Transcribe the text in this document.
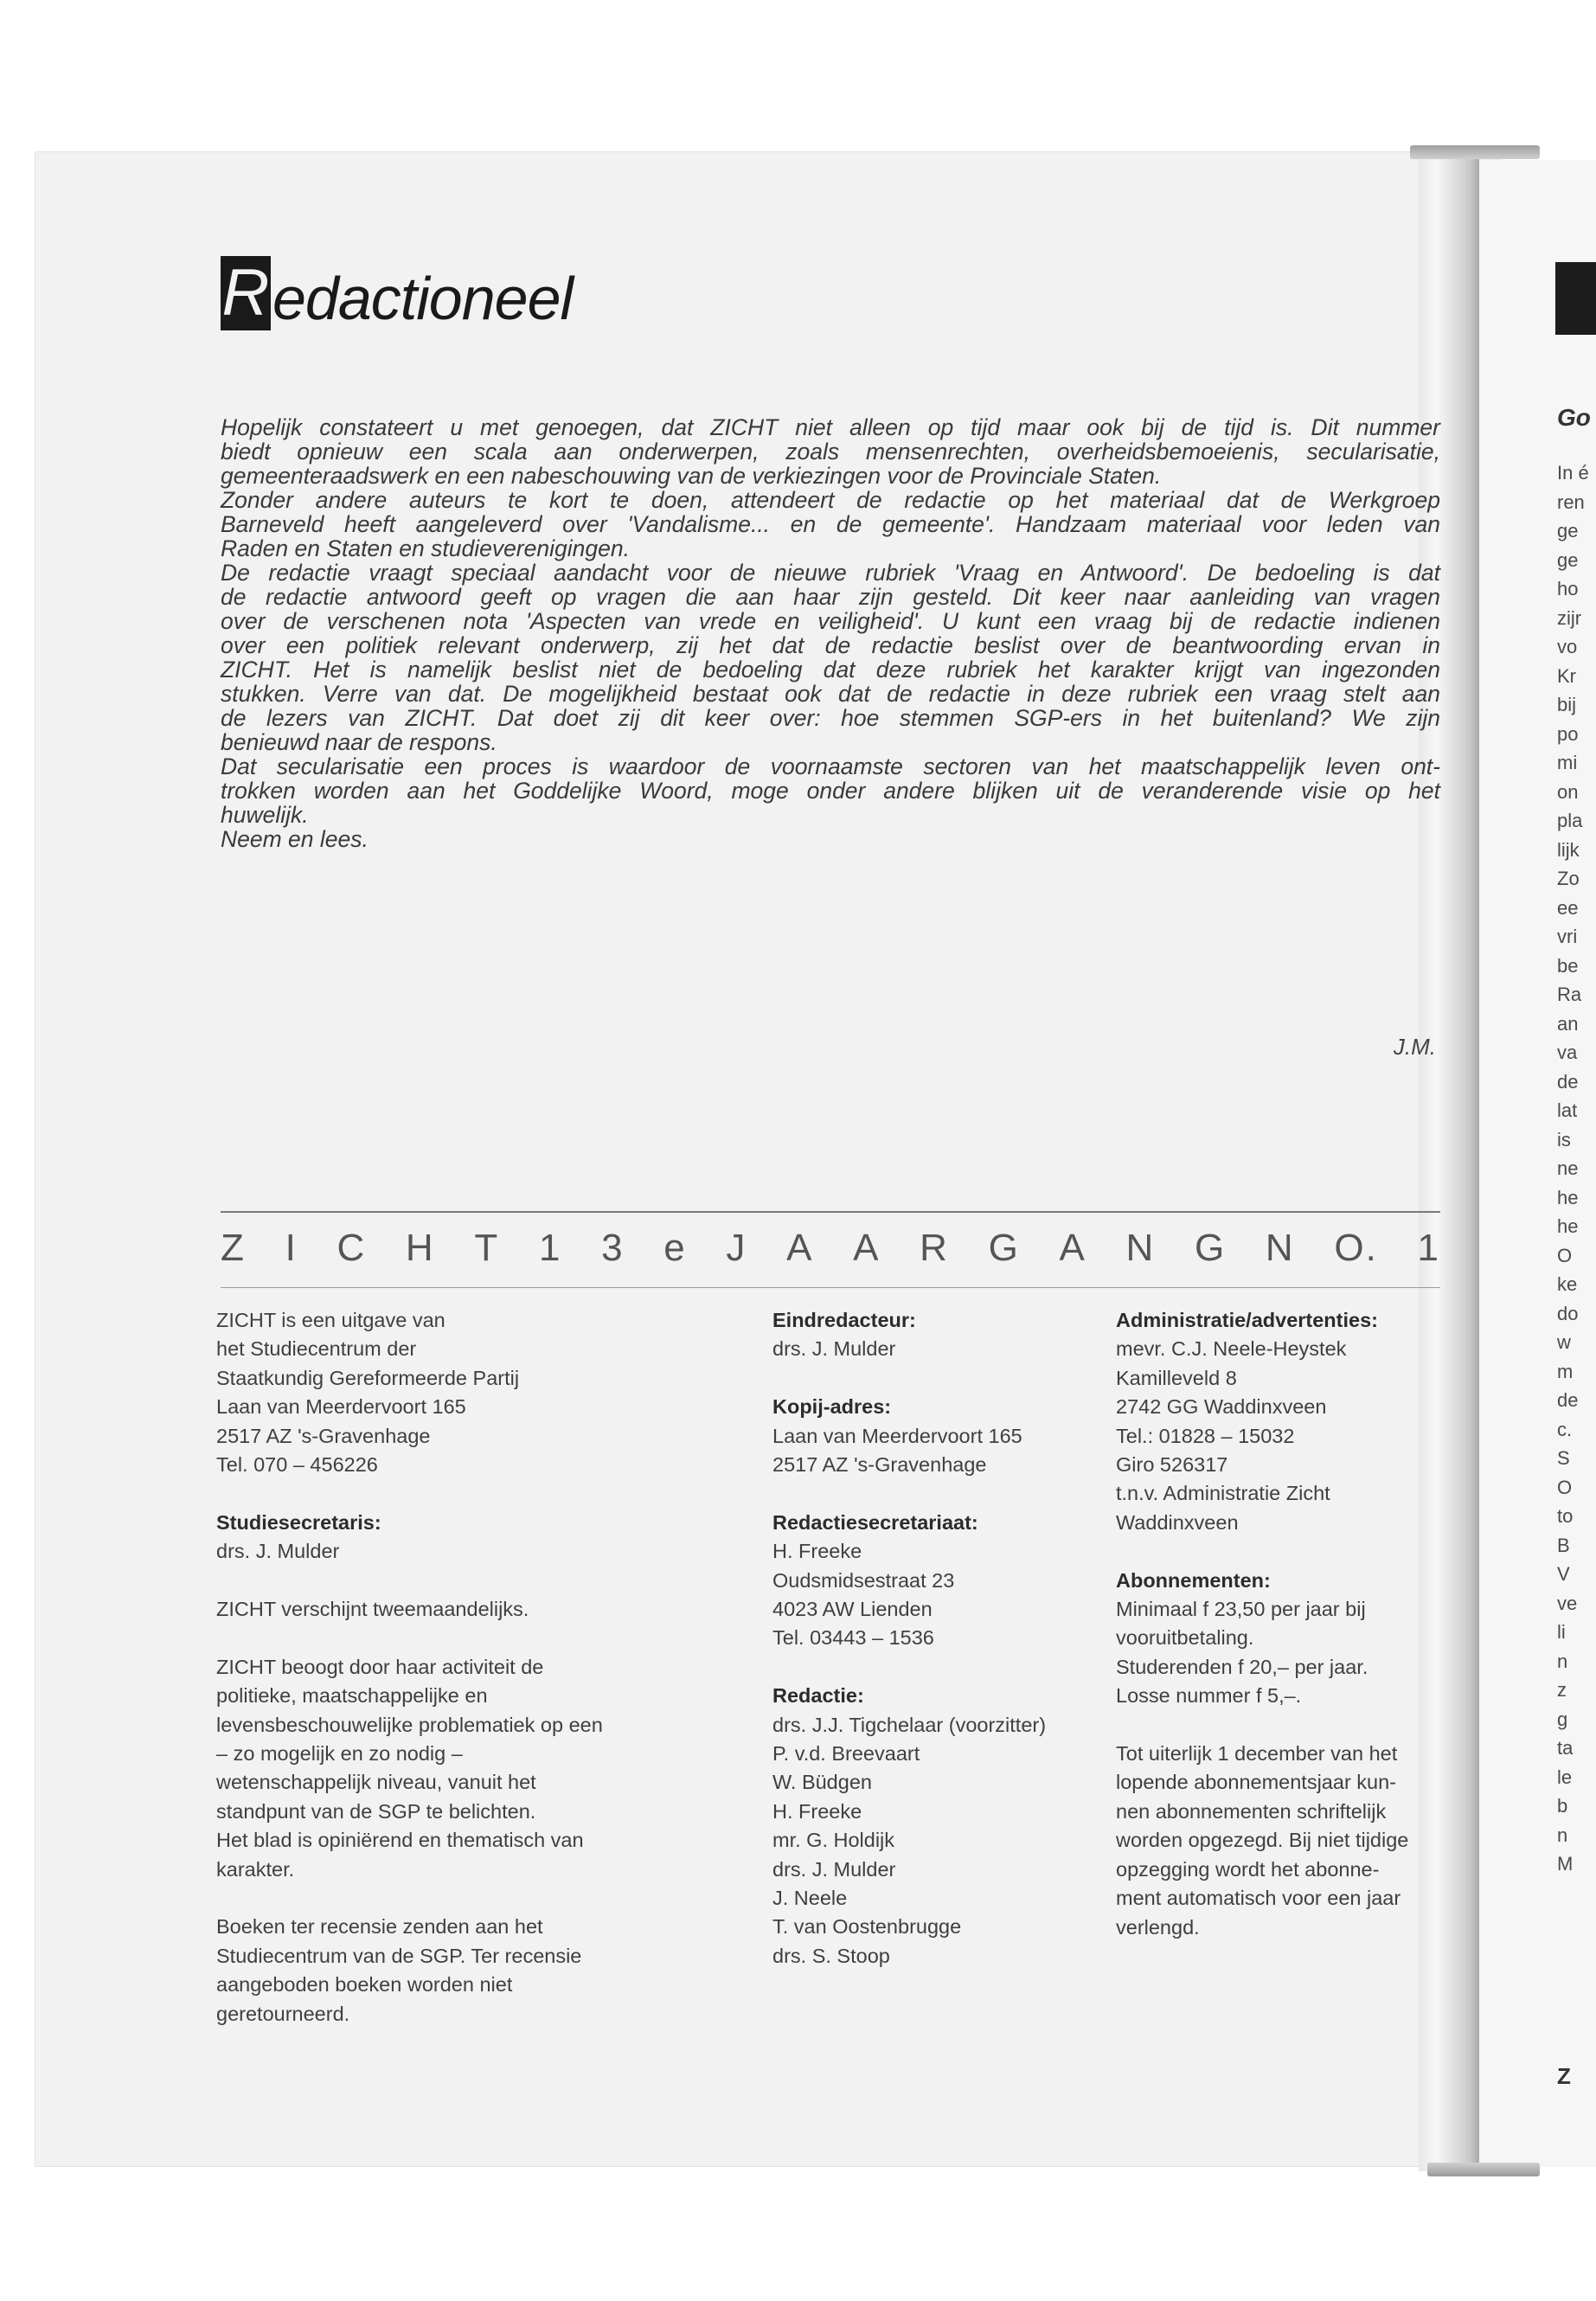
Go
In é
ren
ge
ge
ho
zijr
vo
Kr
bij
po
mi
on
pla
lijk
Zo
ee
vri
be
Ra
an
va
de
lat
is
ne
he
he
O
ke
do
w
m
de
c.
S
O
to
B
V
ve
li
n
z
g
ta
le
b
n
M
Z
R edactioneel

Hopelijk constateert u met genoegen, dat ZICHT niet alleen op tijd maar ook bij de tijd is. Dit nummer
biedt opnieuw een scala aan onderwerpen, zoals mensenrechten, overheidsbemoeienis, secularisatie,
gemeenteraadswerk en een nabeschouwing van de verkiezingen voor de Provinciale Staten.

Zonder andere auteurs te kort te doen, attendeert de redactie op het materiaal dat de Werkgroep
Barneveld heeft aangeleverd over 'Vandalisme... en de gemeente'. Handzaam materiaal voor leden van
Raden en Staten en studieverenigingen.

De redactie vraagt speciaal aandacht voor de nieuwe rubriek 'Vraag en Antwoord'. De bedoeling is dat
de redactie antwoord geeft op vragen die aan haar zijn gesteld. Dit keer naar aanleiding van vragen
over de verschenen nota 'Aspecten van vrede en veiligheid'. U kunt een vraag bij de redactie indienen
over een politiek relevant onderwerp, zij het dat de redactie beslist over de beantwoording ervan in
ZICHT. Het is namelijk beslist niet de bedoeling dat deze rubriek het karakter krijgt van ingezonden
stukken. Verre van dat. De mogelijkheid bestaat ook dat de redactie in deze rubriek een vraag stelt aan
de lezers van ZICHT. Dat doet zij dit keer over: hoe stemmen SGP-ers in het buitenland? We zijn
benieuwd naar de respons.

Dat secularisatie een proces is waardoor de voornaamste sectoren van het maatschappelijk leven ont-
trokken worden aan het Goddelijke Woord, moge onder andere blijken uit de veranderende visie op het
huwelijk.

Neem en lees.

J.M.
Z I C H T 1 3 e J A A R G A N G N O. 1
ZICHT is een uitgave van
het Studiecentrum der
Staatkundig Gereformeerde Partij
Laan van Meerdervoort 165
2517 AZ 's-Gravenhage
Tel. 070 – 456226
Studiesecretaris:
drs. J. Mulder
ZICHT verschijnt tweemaandelijks.
ZICHT beoogt door haar activiteit de
politieke, maatschappelijke en
levensbeschouwelijke problematiek op een
– zo mogelijk en zo nodig –
wetenschappelijk niveau, vanuit het
standpunt van de SGP te belichten.
Het blad is opiniërend en thematisch van
karakter.
Boeken ter recensie zenden aan het
Studiecentrum van de SGP. Ter recensie
aangeboden boeken worden niet
geretourneerd.
Eindredacteur:
drs. J. Mulder
Kopij-adres:
Laan van Meerdervoort 165
2517 AZ 's-Gravenhage
Redactiesecretariaat:
H. Freeke
Oudsmidsestraat 23
4023 AW Lienden
Tel. 03443 – 1536
Redactie:
drs. J.J. Tigchelaar (voorzitter)
P. v.d. Breevaart
W. Büdgen
H. Freeke
mr. G. Holdijk
drs. J. Mulder
J. Neele
T. van Oostenbrugge
drs. S. Stoop
Administratie/advertenties:
mevr. C.J. Neele-Heystek
Kamilleveld 8
2742 GG Waddinxveen
Tel.: 01828 – 15032
Giro 526317
t.n.v. Administratie Zicht
Waddinxveen
Abonnementen:
Minimaal f 23,50 per jaar bij
vooruitbetaling.
Studerenden f 20,– per jaar.
Losse nummer f 5,–.
Tot uiterlijk 1 december van het
lopende abonnementsjaar kun-
nen abonnementen schriftelijk
worden opgezegd. Bij niet tijdige
opzegging wordt het abonne-
ment automatisch voor een jaar
verlengd.
